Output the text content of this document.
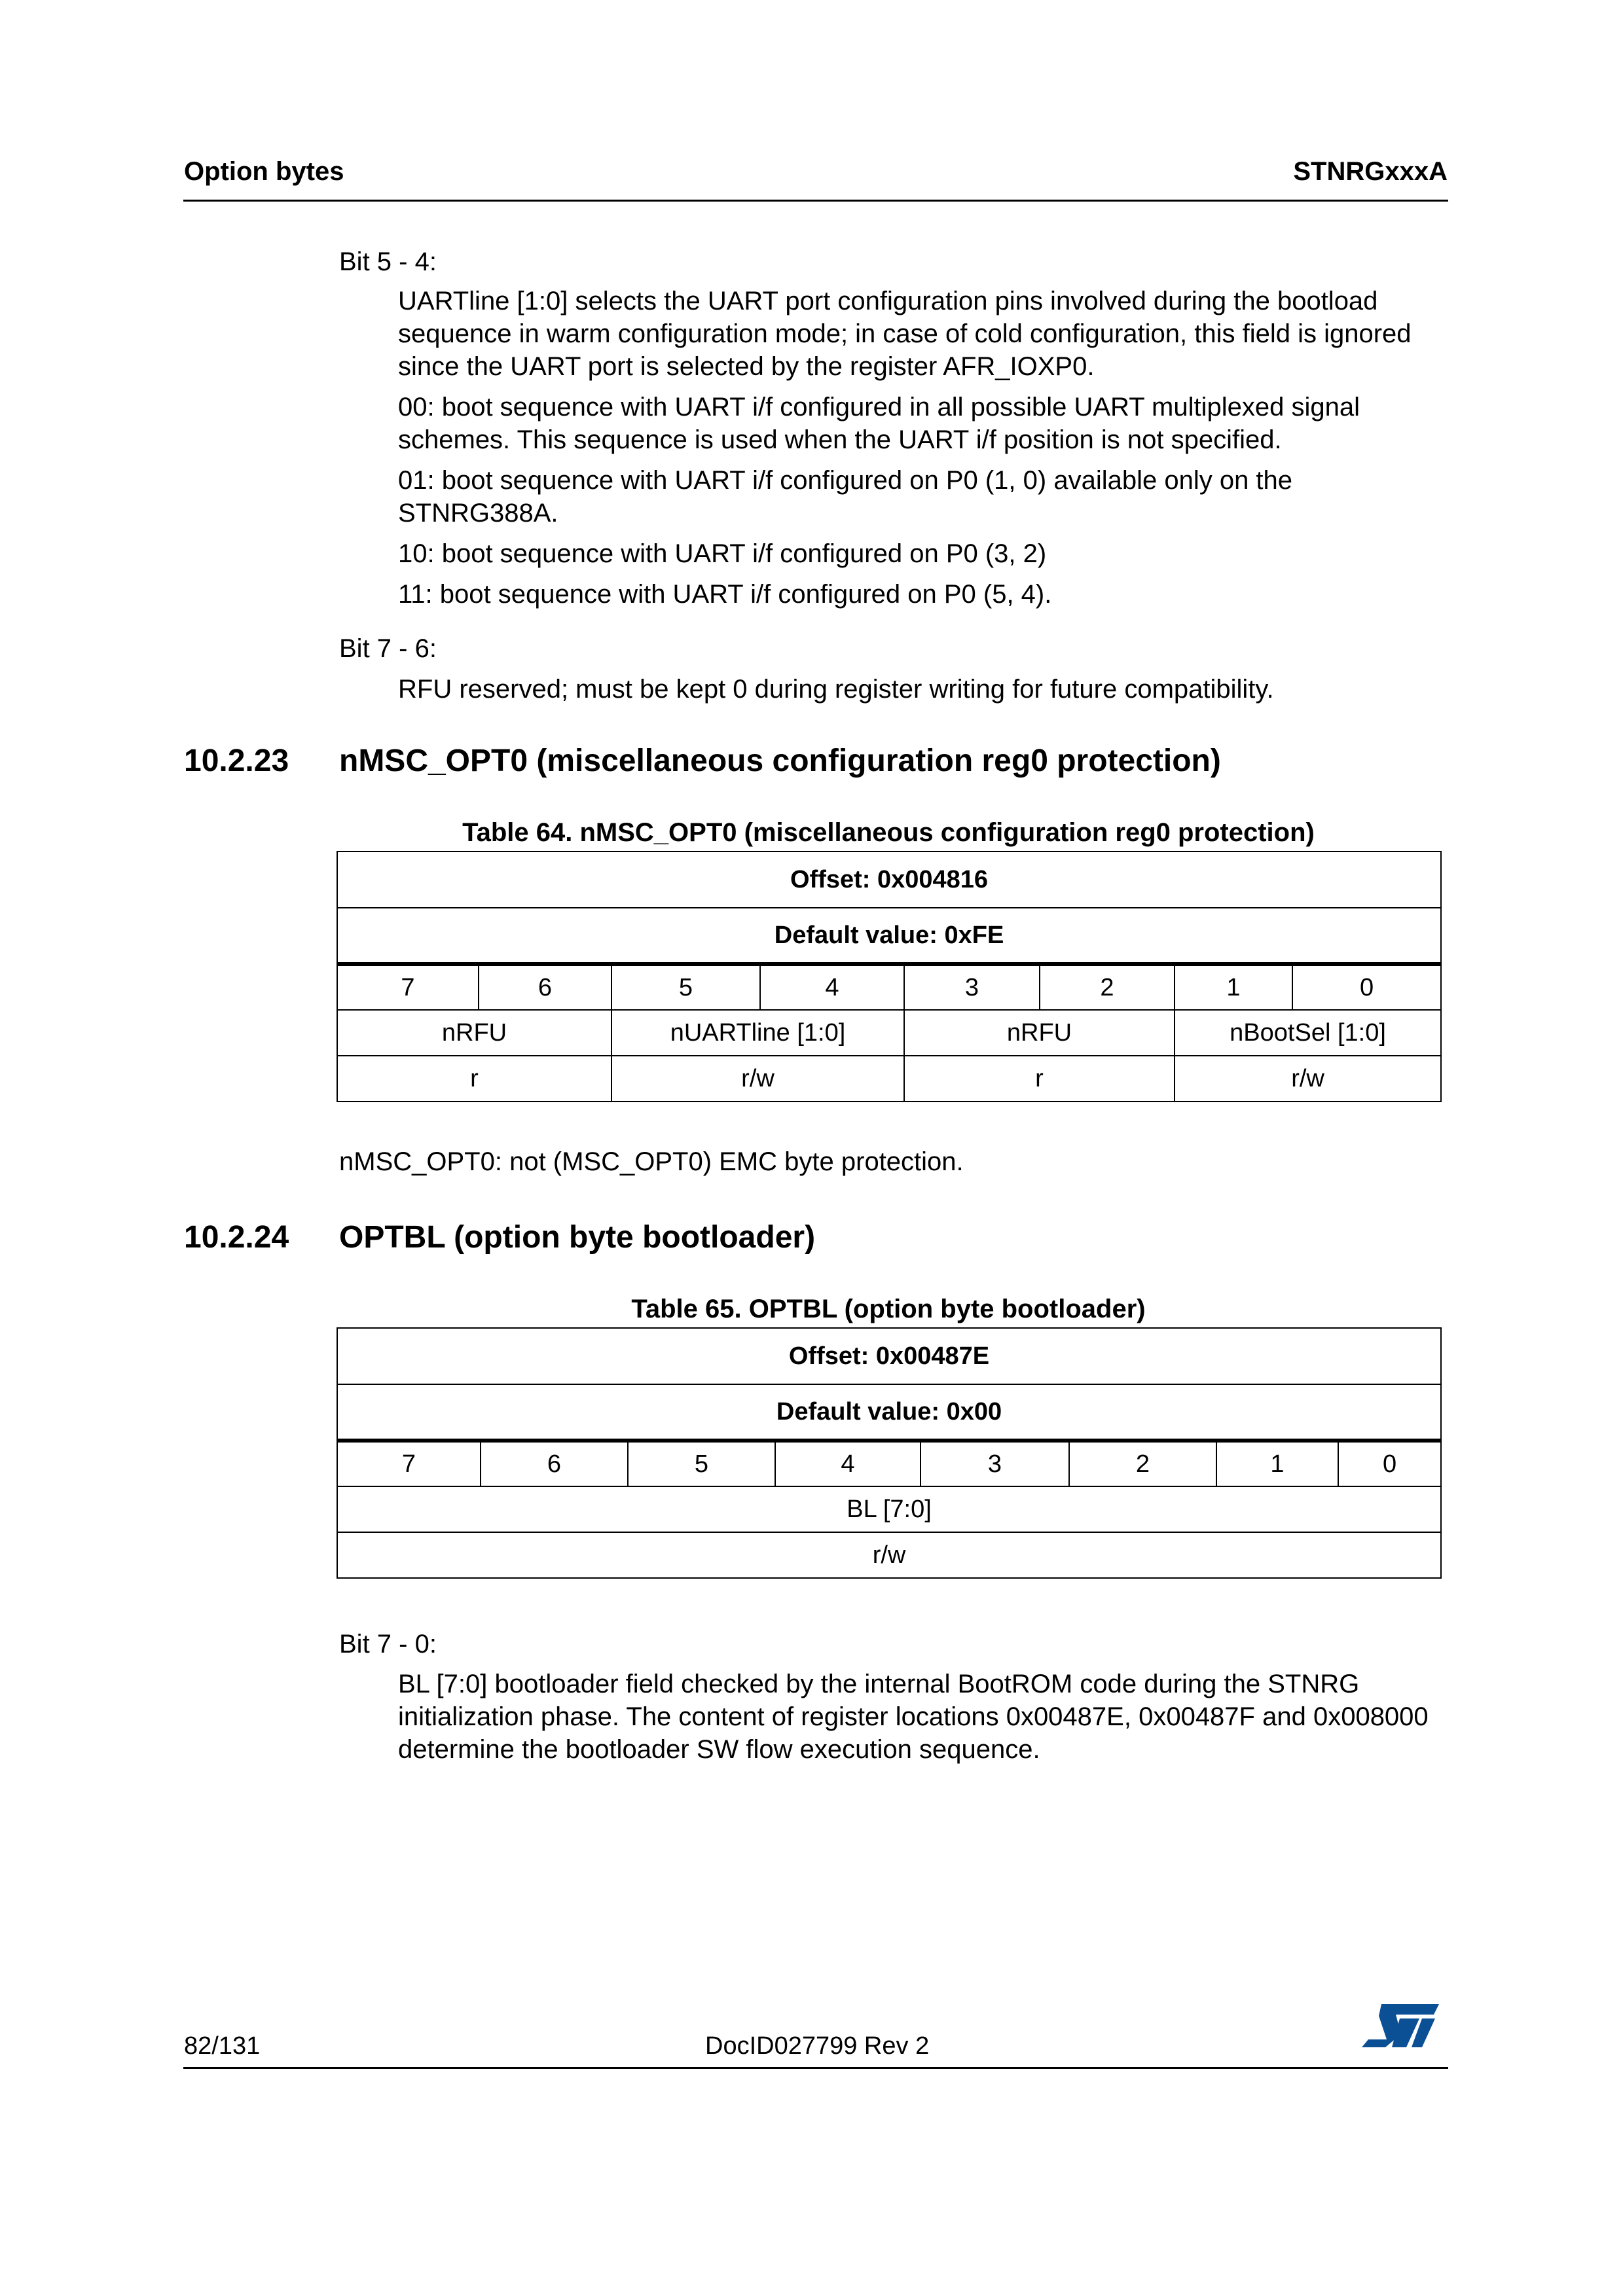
Option bytes	STNRGxxxA
Bit 5 - 4:

UARTline [1:0] selects the UART port configuration pins involved during the bootload sequence in warm configuration mode; in case of cold configuration, this field is ignored since the UART port is selected by the register AFR_IOXP0.

00: boot sequence with UART i/f configured in all possible UART multiplexed signal schemes. This sequence is used when the UART i/f position is not specified.

01: boot sequence with UART i/f configured on P0 (1, 0) available only on the STNRG388A.

10: boot sequence with UART i/f configured on P0 (3, 2)

11: boot sequence with UART i/f configured on P0 (5, 4).

Bit 7 - 6:

RFU reserved; must be kept 0 during register writing for future compatibility.

10.2.23 nMSC_OPT0 (miscellaneous configuration reg0 protection)
Table 64. nMSC_OPT0 (miscellaneous configuration reg0 protection)
Offset: 0x004816							
Default value: 0xFE							
7	6	5	4	3	2	1	0
nRFU		nUARTline [1:0]		nRFU		nBootSel [1:0]	
r		r/w		r		r/w	
nMSC_OPT0: not (MSC_OPT0) EMC byte protection.
10.2.24 OPTBL (option byte bootloader)
Table 65. OPTBL (option byte bootloader)
Offset: 0x00487E
Default value: 0x00
7	6	5	4	3	2	1	0
BL [7:0]
r/w
Bit 7 - 0:

BL [7:0] bootloader field checked by the internal BootROM code during the STNRG initialization phase. The content of register locations 0x00487E, 0x00487F and 0x008000 determine the bootloader SW flow execution sequence.

82/131	DocID027799 Rev 2
